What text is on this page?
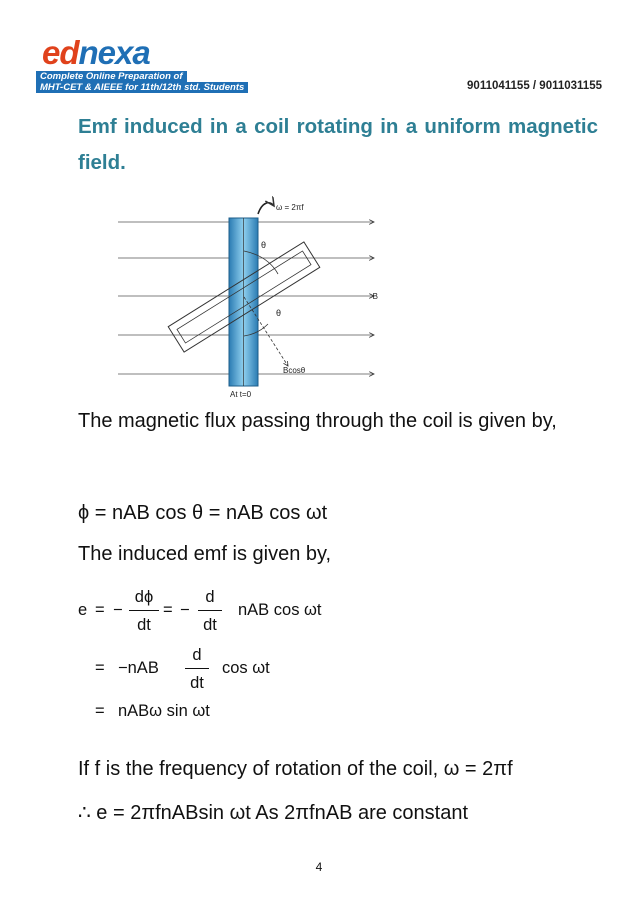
ednexa
Complete Online Preparation of
MHT-CET & AIEEE for 11th/12th std. Students	9011041155 / 9011031155
Emf induced in a coil rotating in a uniform magnetic field.
ω = 2πf
θ
θ
B
Bcosθ
At t=0
The magnetic flux passing through the coil is given by,
ϕ = nAB cos θ = nAB cos ωt
The induced emf is given by,
e = −
dϕ
dt
= −
d
dt
nAB cos ωt
= −nAB
d
dt
cos ωt
= nABω sin ωt
If f is the frequency of rotation of the coil, ω = 2πf
∴ e = 2πfnABsin ωt As 2πfnAB are constant
4
